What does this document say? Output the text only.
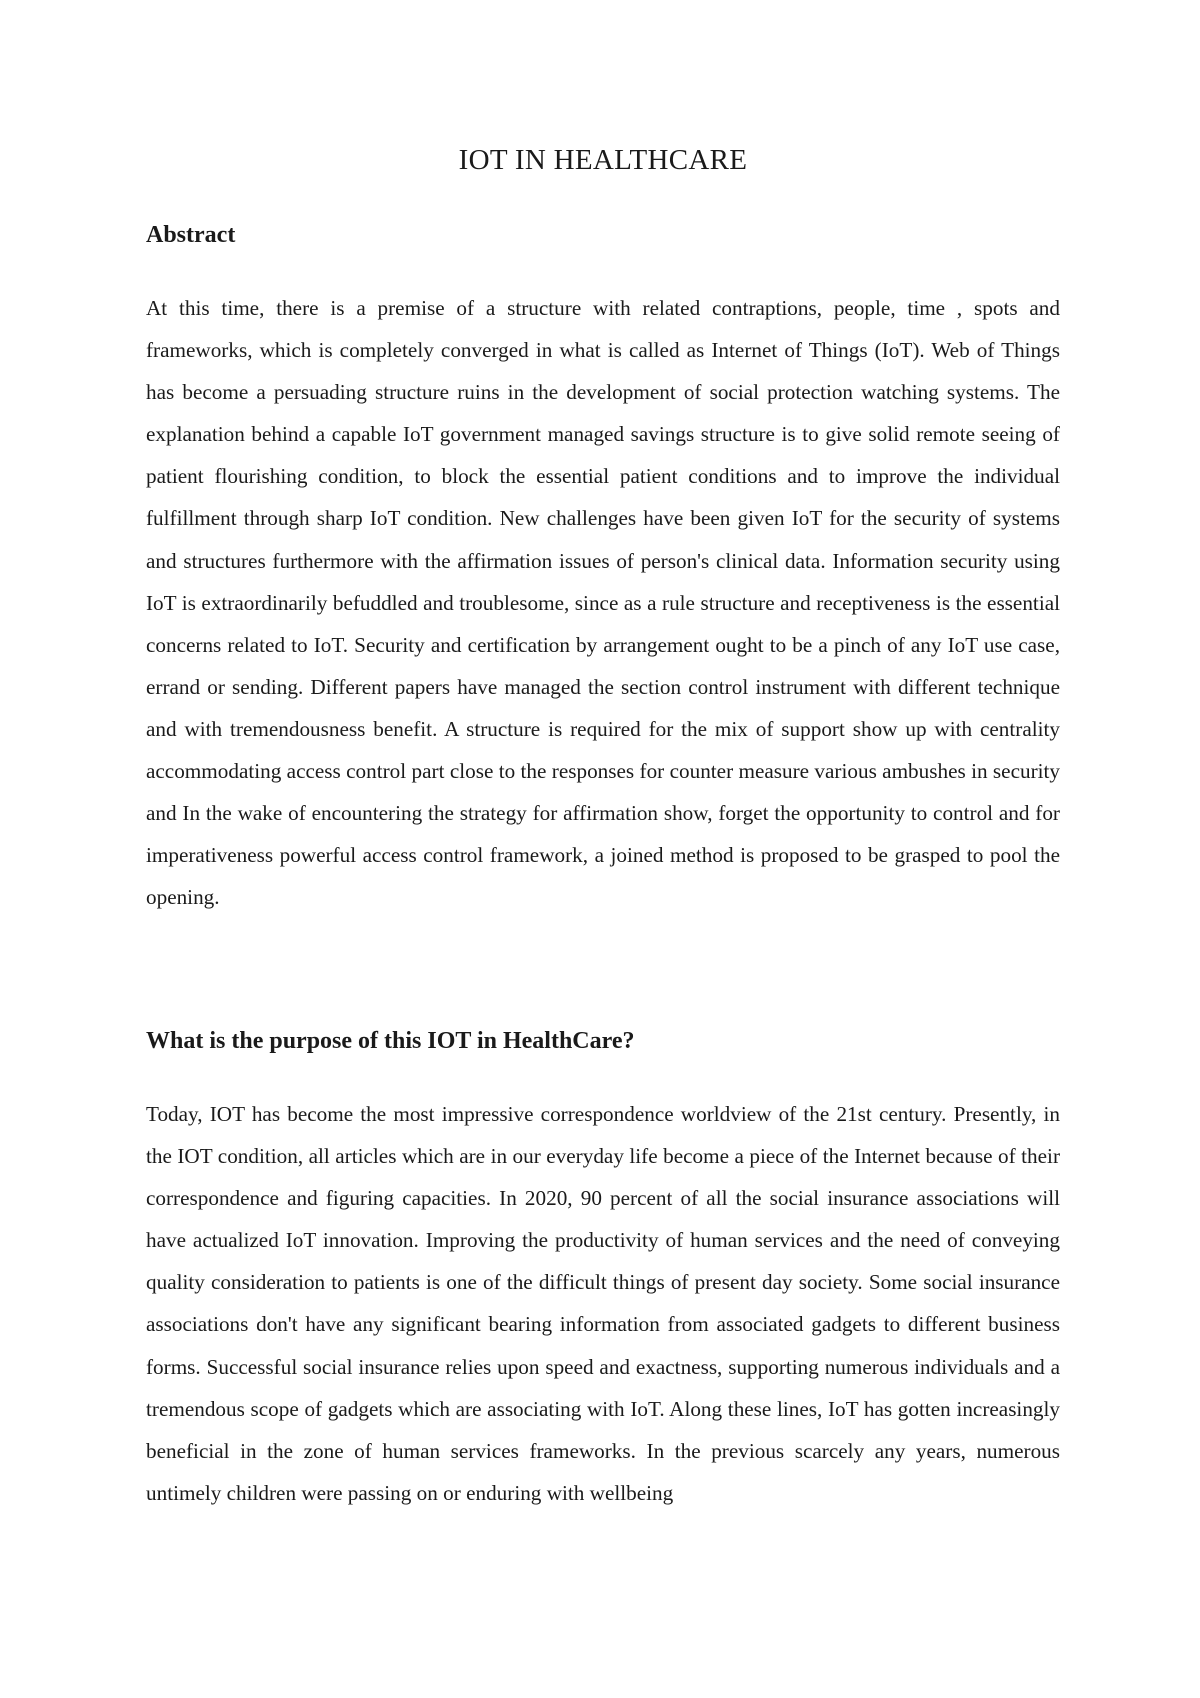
IOT IN HEALTHCARE
Abstract

At this time, there is a premise of a structure with related contraptions, people, time , spots and frameworks, which is completely converged in what is called as Internet of Things (IoT). Web of Things has become a persuading structure ruins in the development of social protection watching systems. The explanation behind a capable IoT government managed savings structure is to give solid remote seeing of patient flourishing condition, to block the essential patient conditions and to improve the individual fulfillment through sharp IoT condition. New challenges have been given IoT for the security of systems and structures furthermore with the affirmation issues of person's clinical data. Information security using IoT is extraordinarily befuddled and troublesome, since as a rule structure and receptiveness is the essential concerns related to IoT. Security and certification by arrangement ought to be a pinch of any IoT use case, errand or sending. Different papers have managed the section control instrument with different technique and with tremendousness benefit. A structure is required for the mix of support show up with centrality accommodating access control part close to the responses for counter measure various ambushes in security and In the wake of encountering the strategy for affirmation show, forget the opportunity to control and for imperativeness powerful access control framework, a joined method is proposed to be grasped to pool the opening.

What is the purpose of this IOT in HealthCare?

Today, IOT has become the most impressive correspondence worldview of the 21st century. Presently, in the IOT condition, all articles which are in our everyday life become a piece of the Internet because of their correspondence and figuring capacities. In 2020, 90 percent of all the social insurance associations will have actualized IoT innovation. Improving the productivity of human services and the need of conveying quality consideration to patients is one of the difficult things of present day society. Some social insurance associations don't have any significant bearing information from associated gadgets to different business forms. Successful social insurance relies upon speed and exactness, supporting numerous individuals and a tremendous scope of gadgets which are associating with IoT. Along these lines, IoT has gotten increasingly beneficial in the zone of human services frameworks. In the previous scarcely any years, numerous untimely children were passing on or enduring with wellbeing
